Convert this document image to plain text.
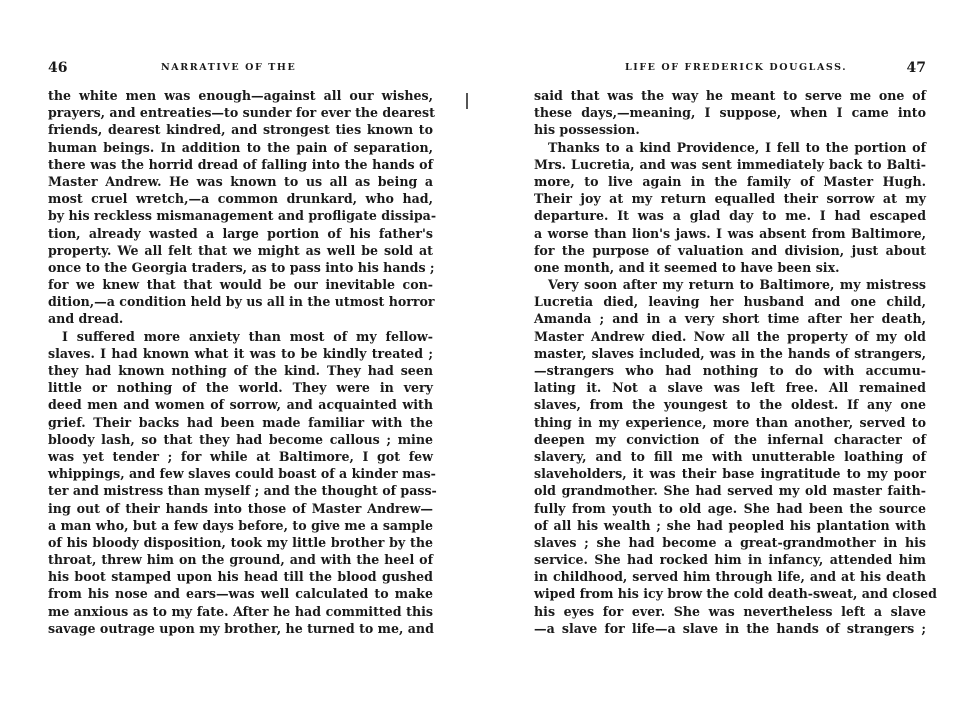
46	NARRATIVE OF THE
the white men was enough—against all our wishes,
prayers, and entreaties—to sunder for ever the dearest
friends, dearest kindred, and strongest ties known to
human beings. In addition to the pain of separation,
there was the horrid dread of falling into the hands of
Master Andrew. He was known to us all as being a
most cruel wretch,—a common drunkard, who had,
by his reckless mismanagement and profligate dissipa-
tion, already wasted a large portion of his father's
property. We all felt that we might as well be sold at
once to the Georgia traders, as to pass into his hands ;
for we knew that that would be our inevitable con-
dition,—a condition held by us all in the utmost horror
and dread.
I suffered more anxiety than most of my fellow-
slaves. I had known what it was to be kindly treated ;
they had known nothing of the kind. They had seen
little or nothing of the world. They were in very
deed men and women of sorrow, and acquainted with
grief. Their backs had been made familiar with the
bloody lash, so that they had become callous ; mine
was yet tender ; for while at Baltimore, I got few
whippings, and few slaves could boast of a kinder mas-
ter and mistress than myself ; and the thought of pass-
ing out of their hands into those of Master Andrew—
a man who, but a few days before, to give me a sample
of his bloody disposition, took my little brother by the
throat, threw him on the ground, and with the heel of
his boot stamped upon his head till the blood gushed
from his nose and ears—was well calculated to make
me anxious as to my fate. After he had committed this
savage outrage upon my brother, he turned to me, and
LIFE OF FREDERICK DOUGLASS.	47
said that was the way he meant to serve me one of
these days,—meaning, I suppose, when I came into
his possession.
Thanks to a kind Providence, I fell to the portion of
Mrs. Lucretia, and was sent immediately back to Balti-
more, to live again in the family of Master Hugh.
Their joy at my return equalled their sorrow at my
departure. It was a glad day to me. I had escaped
a worse than lion's jaws. I was absent from Baltimore,
for the purpose of valuation and division, just about
one month, and it seemed to have been six.
Very soon after my return to Baltimore, my mistress
Lucretia died, leaving her husband and one child,
Amanda ; and in a very short time after her death,
Master Andrew died. Now all the property of my old
master, slaves included, was in the hands of strangers,
—strangers who had nothing to do with accumu-
lating it. Not a slave was left free. All remained
slaves, from the youngest to the oldest. If any one
thing in my experience, more than another, served to
deepen my conviction of the infernal character of
slavery, and to fill me with unutterable loathing of
slaveholders, it was their base ingratitude to my poor
old grandmother. She had served my old master faith-
fully from youth to old age. She had been the source
of all his wealth ; she had peopled his plantation with
slaves ; she had become a great-grandmother in his
service. She had rocked him in infancy, attended him
in childhood, served him through life, and at his death
wiped from his icy brow the cold death-sweat, and closed
his eyes for ever. She was nevertheless left a slave
—a slave for life—a slave in the hands of strangers ;
